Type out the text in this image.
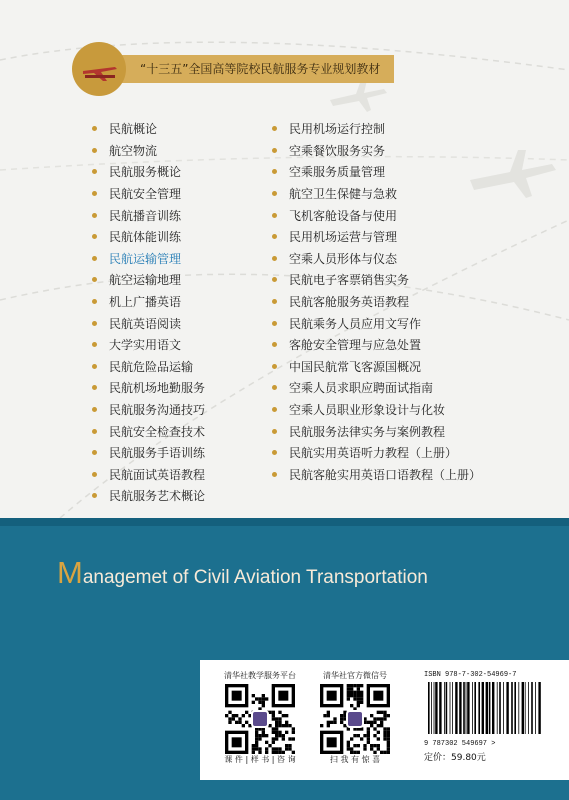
“十三五”全国高等院校民航服务专业规划教材
民航概论
航空物流
民航服务概论
民航安全管理
民航播音训练
民航体能训练
民航运输管理
航空运输地理
机上广播英语
民航英语阅读
大学实用语文
民航危险品运输
民航机场地勤服务
民航服务沟通技巧
民航安全检查技术
民航服务手语训练
民航面试英语教程
民航服务艺术概论
民用机场运行控制
空乘餐饮服务实务
空乘服务质量管理
航空卫生保健与急救
飞机客舱设备与使用
民用机场运营与管理
空乘人员形体与仪态
民航电子客票销售实务
民航客舱服务英语教程
民航乘务人员应用文写作
客舱安全管理与应急处置
中国民航常飞客源国概况
空乘人员求职应聘面试指南
空乘人员职业形象设计与化妆
民航服务法律实务与案例教程
民航实用英语听力教程（上册）
民航客舱实用英语口语教程（上册）
Managemet of Civil Aviation Transportation
清华社教学服务平台
课 件 | 样 书 | 咨 询
清华社官方微信号
扫 我 有 惊 喜
ISBN 978-7-302-54969-7
9 787302 549697 >
定价：59.80元
